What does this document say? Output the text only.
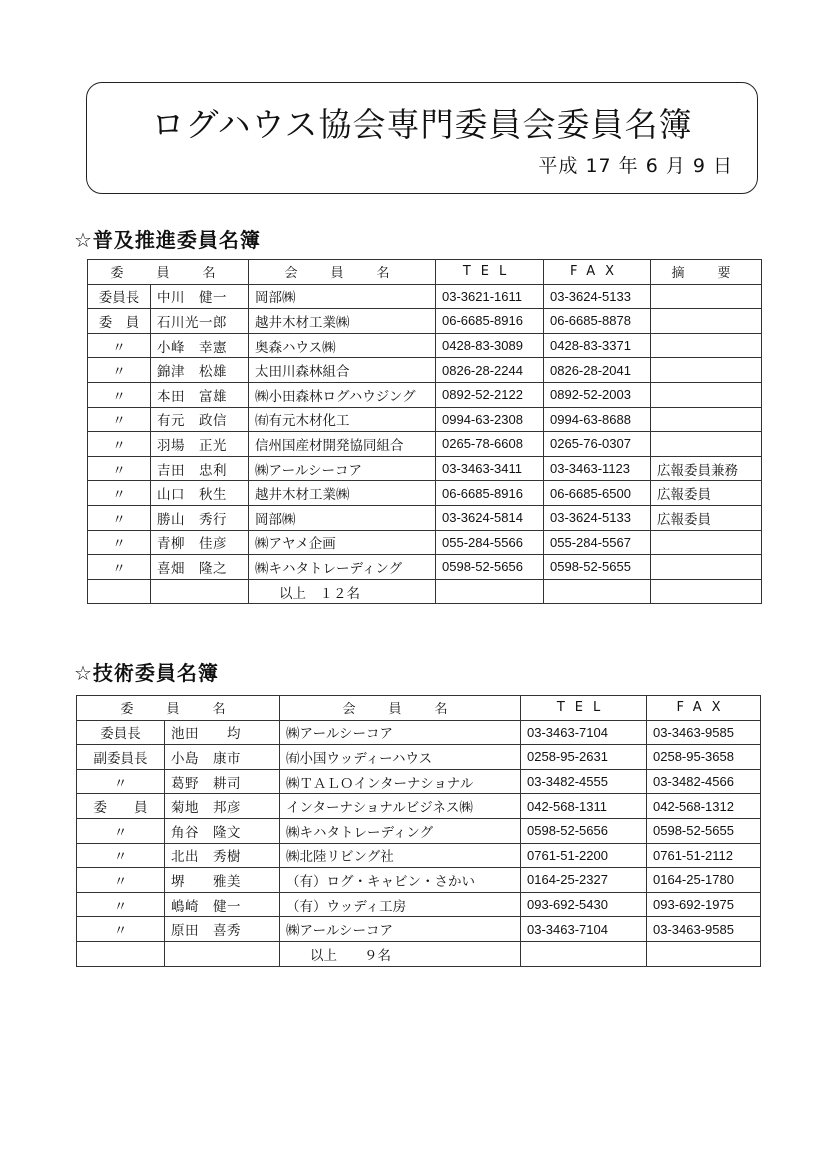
ログハウス協会専門委員会委員名簿
平成 17 年 6 月 9 日
☆普及推進委員名簿
委　員　名		会　員　名	TEL	FAX	摘　要
委員長	中川　健一	岡部㈱	03-3621-1611	03-3624-5133	
委　員	石川光一郎	越井木材工業㈱	06-6685-8916	06-6685-8878	
〃	小峰　幸憲	奥森ハウス㈱	0428-83-3089	0428-83-3371	
〃	錦津　松雄	太田川森林組合	0826-28-2244	0826-28-2041	
〃	本田　富雄	㈱小田森林ログハウジング	0892-52-2122	0892-52-2003	
〃	有元　政信	㈲有元木材化工	0994-63-2308	0994-63-8688	
〃	羽場　正光	信州国産材開発協同組合	0265-78-6608	0265-76-0307	
〃	吉田　忠利	㈱アールシーコア	03-3463-3411	03-3463-1123	広報委員兼務
〃	山口　秋生	越井木材工業㈱	06-6685-8916	06-6685-6500	広報委員
〃	勝山　秀行	岡部㈱	03-3624-5814	03-3624-5133	広報委員
〃	青柳　佳彦	㈱アヤメ企画	055-284-5566	055-284-5567	
〃	喜畑　隆之	㈱キハタトレーディング	0598-52-5656	0598-52-5655	
		以上　１２名			
☆技術委員名簿
委　員　名		会　員　名	TEL	FAX
委員長	池田　　均	㈱アールシーコア	03-3463-7104	03-3463-9585
副委員長	小島　康市	㈲小国ウッディーハウス	0258-95-2631	0258-95-3658
〃	葛野　耕司	㈱ＴＡＬＯインターナショナル	03-3482-4555	03-3482-4566
委　　員	菊地　邦彦	インターナショナルビジネス㈱	042-568-1311	042-568-1312
〃	角谷　隆文	㈱キハタトレーディング	0598-52-5656	0598-52-5655
〃	北出　秀樹	㈱北陸リビング社	0761-51-2200	0761-51-2112
〃	堺　　雅美	（有）ログ・キャビン・さかい	0164-25-2327	0164-25-1780
〃	嶋崎　健一	（有）ウッディ工房	093-692-5430	093-692-1975
〃	原田　喜秀	㈱アールシーコア	03-3463-7104	03-3463-9585
		以上　　９名		
